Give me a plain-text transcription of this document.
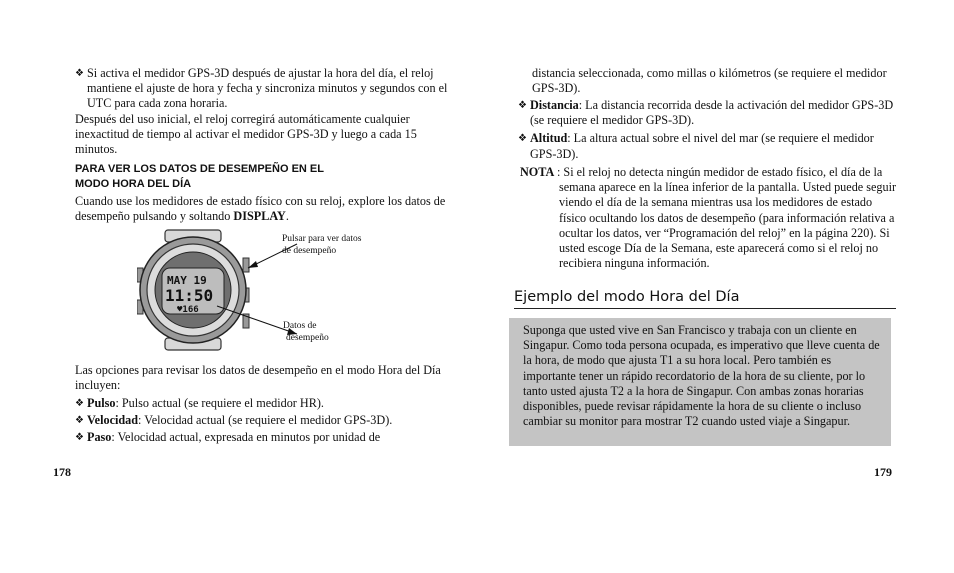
❖ Si activa el medidor GPS-3D después de ajustar la hora del día, el reloj mantiene el ajuste de hora y fecha y sincroniza minutos y segundos con el UTC para cada zona horaria.

Después del uso inicial, el reloj corregirá automáticamente cualquier inexactitud de tiempo al activar el medidor GPS-3D y luego a cada 15 minutos.

PARA VER LOS DATOS DE DESEMPEÑO EN EL
MODO HORA DEL DÍA

Cuando use los medidores de estado físico con su reloj, explore los datos de desempeño pulsando y soltando DISPLAY.

MAY 19
11:50
♥166
Pulsar para ver datos
de desempeño
Datos de
desempeño

Las opciones para revisar los datos de desempeño en el modo Hora del Día incluyen:

❖ Pulso: Pulso actual (se requiere el medidor HR).
❖ Velocidad: Velocidad actual (se requiere el medidor GPS-3D).
❖ Paso: Velocidad actual, expresada en minutos por unidad de
178

distancia seleccionada, como millas o kilómetros (se requiere el medidor GPS-3D).

❖ Distancia: La distancia recorrida desde la activación del medidor GPS-3D (se requiere el medidor GPS-3D).
❖ Altitud: La altura actual sobre el nivel del mar (se requiere el medidor GPS-3D).
NOTA : Si el reloj no detecta ningún medidor de estado físico, el día de la semana aparece en la línea inferior de la pantalla. Usted puede seguir viendo el día de la semana mientras usa los medidores de estado físico ocultando los datos de desempeño (para información relativa a ocultar los datos, ver “Programación del reloj” en la página 220). Si usted escoge Día de la Semana, este aparecerá como si el reloj no recibiera ninguna información.

Ejemplo del modo Hora del Día

Suponga que usted vive en San Francisco y trabaja con un cliente en Singapur. Como toda persona ocupada, es imperativo que lleve cuenta de la hora, de modo que ajusta T1 a su hora local. Pero también es importante tener un rápido recordatorio de la hora de su cliente, por lo tanto usted ajusta T2 a la hora de Singapur. Con ambas zonas horarias disponibles, puede revisar rápidamente la hora de su cliente o incluso cambiar su monitor para mostrar T2 cuando usted viaje a Singapur.

179
